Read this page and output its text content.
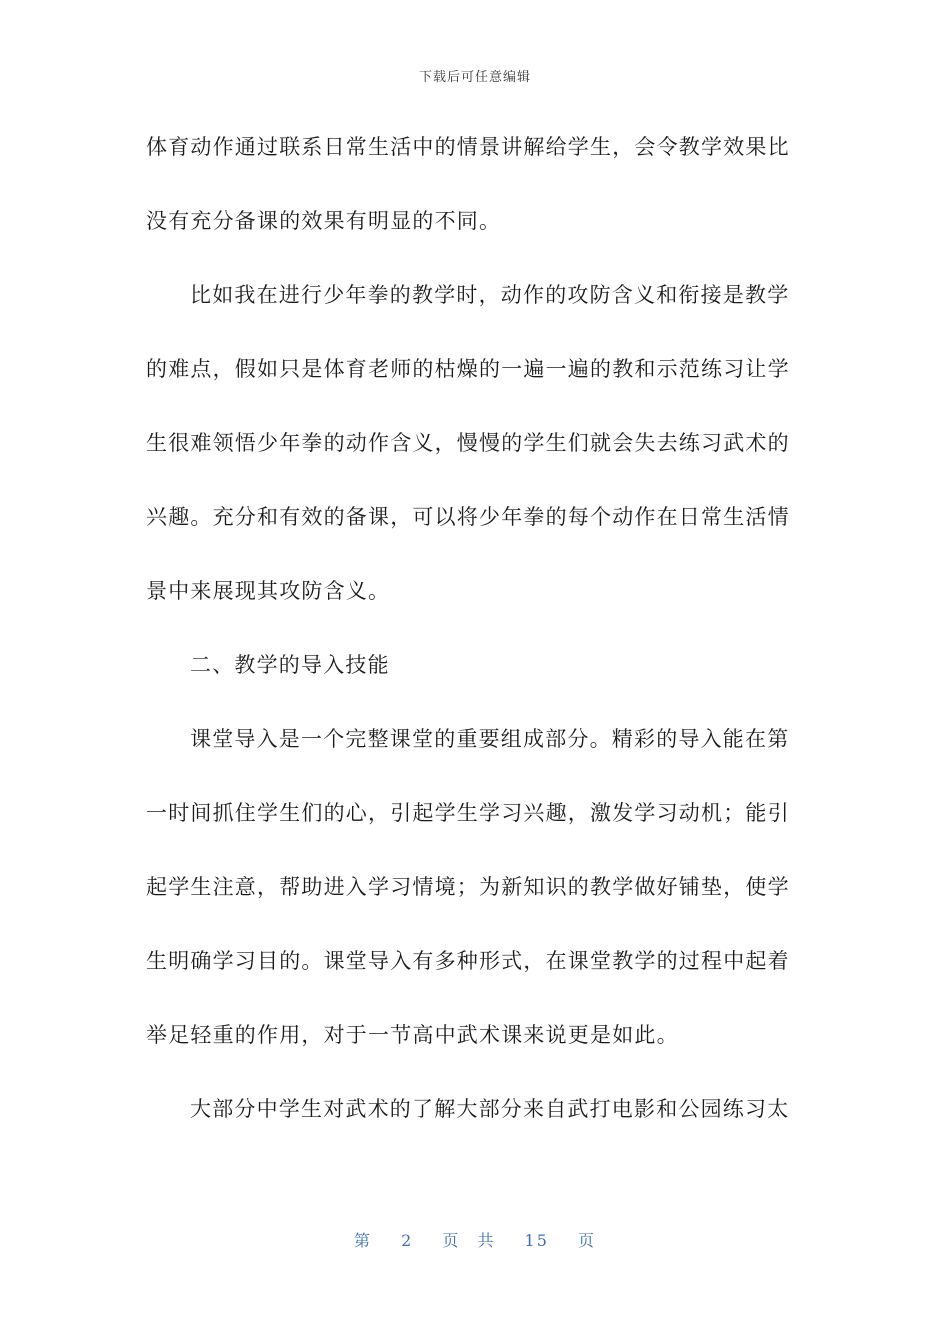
下载后可任意编辑
体育动作通过联系日常生活中的情景讲解给学生，会令教学效果比
没有充分备课的效果有明显的不同。
比如我在进行少年拳的教学时，动作的攻防含义和衔接是教学
的难点，假如只是体育老师的枯燥的一遍一遍的教和示范练习让学
生很难领悟少年拳的动作含义，慢慢的学生们就会失去练习武术的
兴趣。充分和有效的备课，可以将少年拳的每个动作在日常生活情
景中来展现其攻防含义。
二、教学的导入技能
课堂导入是一个完整课堂的重要组成部分。精彩的导入能在第
一时间抓住学生们的心，引起学生学习兴趣，激发学习动机；能引
起学生注意，帮助进入学习情境；为新知识的教学做好铺垫，使学
生明确学习目的。课堂导入有多种形式，在课堂教学的过程中起着
举足轻重的作用，对于一节高中武术课来说更是如此。
大部分中学生对武术的了解大部分来自武打电影和公园练习太
第 2 页 共 15 页
